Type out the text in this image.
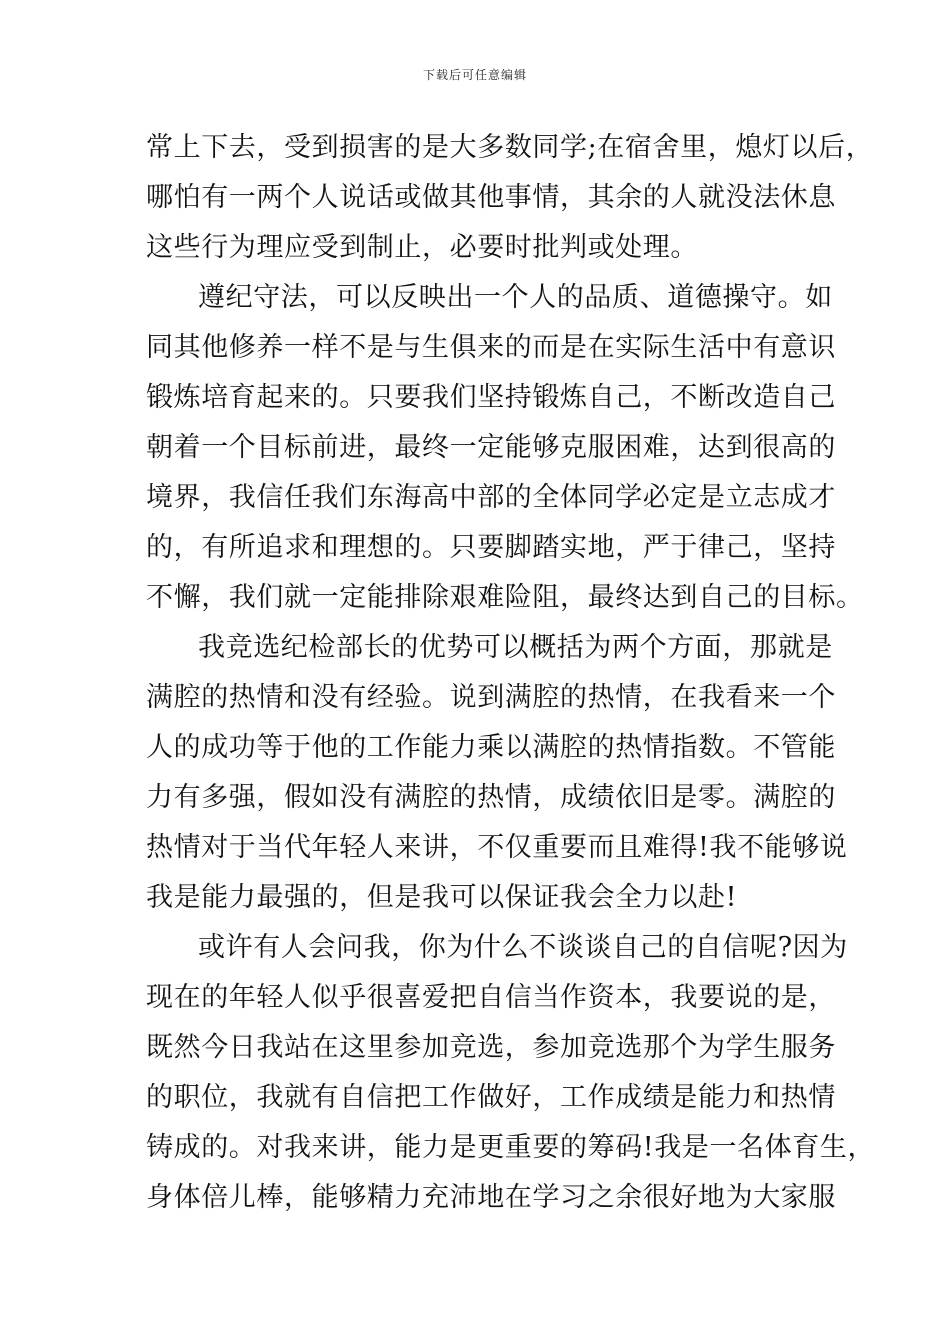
下载后可任意编辑
常上下去，受到损害的是大多数同学;在宿舍里，熄灯以后，
哪怕有一两个人说话或做其他事情，其余的人就没法休息
这些行为理应受到制止，必要时批判或处理。
遵纪守法，可以反映出一个人的品质、道德操守。如
同其他修养一样不是与生俱来的而是在实际生活中有意识
锻炼培育起来的。只要我们坚持锻炼自己，不断改造自己
朝着一个目标前进，最终一定能够克服困难，达到很高的
境界，我信任我们东海高中部的全体同学必定是立志成才
的，有所追求和理想的。只要脚踏实地，严于律己，坚持
不懈，我们就一定能排除艰难险阻，最终达到自己的目标。
我竞选纪检部长的优势可以概括为两个方面，那就是
满腔的热情和没有经验。说到满腔的热情，在我看来一个
人的成功等于他的工作能力乘以满腔的热情指数。不管能
力有多强，假如没有满腔的热情，成绩依旧是零。满腔的
热情对于当代年轻人来讲，不仅重要而且难得!我不能够说
我是能力最强的，但是我可以保证我会全力以赴!
或许有人会问我，你为什么不谈谈自己的自信呢?因为
现在的年轻人似乎很喜爱把自信当作资本，我要说的是，
既然今日我站在这里参加竞选，参加竞选那个为学生服务
的职位，我就有自信把工作做好，工作成绩是能力和热情
铸成的。对我来讲，能力是更重要的筹码!我是一名体育生，
身体倍儿棒，能够精力充沛地在学习之余很好地为大家服
